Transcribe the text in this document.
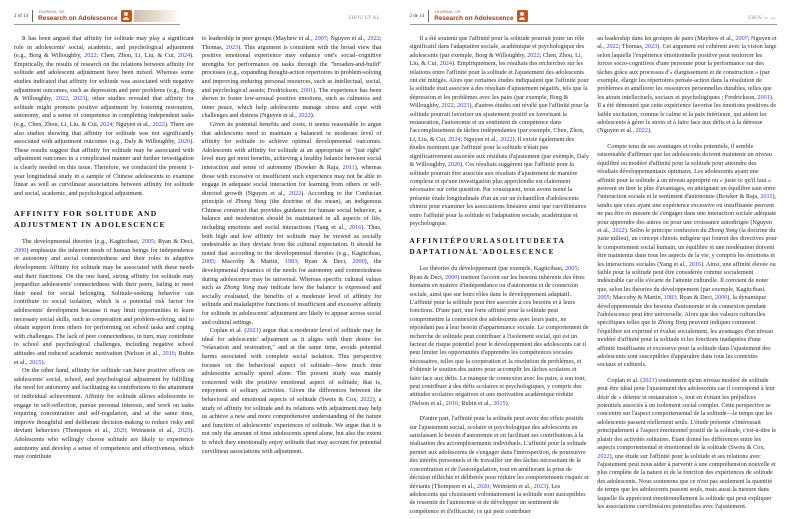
2 of 14
JOURNAL OF
Research on Adolescence	ZHOU ET AL.

It has been argued that affinity for solitude may play a significant role in adolescents' social, academic, and psychological adjustment (e.g., Borg & Willoughby, 2022; Chen, Zhou, Li, Liu, & Cui, 2024). Empirically, the results of research on the relations between affinity for solitude and adolescent adjustment have been mixed. Whereas some studies indicated that affinity for solitude was associated with negative adjustment outcomes, such as depression and peer problems (e.g., Borg & Willoughby, 2022, 2023), other studies revealed that affinity for solitude might promote positive adjustment by fostering restoration, autonomy, and a sense of competence in completing independent tasks (e.g., Chen, Zhou, Li, Liu, & Cui, 2024; Nguyen et al., 2022). There are also studies showing that affinity for solitude was not significantly associated with adjustment outcomes (e.g., Daly & Willoughby, 2020). These results suggest that affinity for solitude may be associated with adjustment outcomes in a complicated manner and further investigation is clearly needed on this issue. Therefore, we conducted the present 1-year longitudinal study in a sample of Chinese adolescents to examine linear as well as curvilinear associations between affinity for solitude and social, academic, and psychological adjustment.

AFFINITY FOR SOLITUDE AND ADJUSTMENT IN ADOLESCENCE

The developmental theories (e.g., Kagitcibasi, 2005; Ryan & Deci, 2000) emphasize the inherent needs of human beings for independence or autonomy and social connectedness and their roles in adaptive development. Affinity for solitude may be associated with these needs and their functions. On the one hand, strong affinity for solitude may jeopardize adolescents' connectedness with their peers, failing to meet their need for social belonging. Solitude-seeking behavior can contribute to social isolation, which is a potential risk factor for adolescents' development because it may limit opportunities to learn necessary social skills, such as cooperation and problem-solving, and to obtain support from others for performing on school tasks and coping with challenges. The lack of peer connectedness, in turn, may contribute to school and psychological challenges, including negative school attitudes and reduced academic motivation (Nelson et al., 2016; Rubin et al., 2015).

On the other hand, affinity for solitude can have positive effects on adolescents' social, school, and psychological adjustment by fulfilling the need for autonomy and facilitating its contributions to the attainment of individual achievement. Affinity for solitude allows adolescents to engage in self-reflection, pursue personal interests, and work on tasks requiring concentration and self-regulation, and at the same time, improve thoughtful and deliberate decision-making to reduce risky and deviant behaviors (Thompson et al., 2020; Weinstein et al., 2023). Adolescents who willingly choose solitude are likely to experience autonomy and develop a sense of competence and effectiveness, which may contribute

to leadership in peer groups (Mayhew et al., 2007; Nguyen et al., 2022; Thomas, 2023). This argument is consistent with the broad view that positive emotional experience may enhance one's social–cognitive strengths for performance on tasks through the "broaden-and-build" processes (e.g., expanding thought-action repertoires in problem-solving and improving enduring personal resources, such as intellectual, social, and psychological assets; Fredrickson, 2001). The experience has been shown to foster low-arousal positive emotions, such as calmness and inner peace, which help adolescents manage stress and cope with challenges and distress (Nguyen et al., 2022).

Given its potential benefits and costs, it seems reasonable to argue that adolescents need to maintain a balanced or moderate level of affinity for solitude to achieve optimal developmental outcomes. Adolescents with affinity for solitude at an appropriate or "just right" level may get most benefits, achieving a healthy balance between social interaction and sense of autonomy (Bowker & Raja, 2011), whereas those with excessive or insufficient such experience may not be able to engage in adequate social interaction for learning from others or self-directed growth (Nguyen et al., 2022). According to the Confucian principle of Zhong Yong (the doctrine of the mean), an indigenous Chinese construct that provides guidance for human social behavior, a balance and moderation should be maintained in all aspects of life, including emotions and social interactions (Yang et al., 2016). Thus, both high and low affinity for solitude may be viewed as socially undesirable as they deviate from the cultural expectation. It should be noted that according to the developmental theories (e.g., Kagitcibasi, 2005; Maccoby & Martin, 1983; Ryan & Deci, 2000), the developmental dynamics of the needs for autonomy and connectedness during adolescence may be universal. Whereas specific cultural values such as Zhong Yong may indicate how the balance is expressed and socially evaluated, the benefits of a moderate level of affinity for solitude and maladaptive functions of insufficient and excessive affinity for solitude in adolescents' adjustment are likely to appear across social and cultural settings.

Coplan et al. (2021) argue that a moderate level of solitude may be ideal for adolescents' adjustment as it aligns with their desire for "relaxation and restoration," and at the same time, avoids potential harms associated with complete social isolation. This perspective focuses on the behavioral aspect of solitude—how much time adolescents actually spend alone. The present study was mainly concerned with the positive emotional aspect of solitude, that is, enjoyment of solitary activities. Given the differences between the behavioral and emotional aspects of solitude (Swets & Cox, 2022), a study of affinity for solitude and its relations with adjustment may help us achieve a new and more comprehensive understanding of the nature and function of adolescents' experiences of solitude. We argue that it is not only the amount of time adolescents spend alone, but also the extent to which they emotionally enjoy solitude that may account for potential curvilinear associations with adjustment.

2 de 14
JOURNAL OF
Research on Adolescence	ZHOU et al.

Il a été soutenu que l'affinité pour la solitude pourrait jouer un rôle significatif dans l'adaptation sociale, académique et psychologique des adolescents (par exemple, Borg & Willoughby, 2022; Chen, Zhou, Li, Liu, & Cui, 2024). Empiriquement, les résultats des recherches sur les relations entre l'affinité pour la solitude et l'ajustement des adolescents ont été mitigés. Alors que certaines études indiquaient que l'affinité pour la solitude était associée à des résultats d'ajustement négatifs, tels que la dépression et les problèmes avec les pairs (par exemple, Borg & Willoughby, 2022, 2023), d'autres études ont révélé que l'affinité pour la solitude pourrait favoriser un ajustement positif en favorisant la restauration, l'autonomie et un sentiment de compétence dans l'accomplissement de tâches indépendantes (par exemple, Chen, Zhou, Li, Liu, & Cui, 2024; Nguyen et al., 2022). Il existe également des études montrant que l'affinité pour la solitude n'était pas significativement associée aux résultats d'ajustement (par exemple, Daly & Willoughby, 2020). Ces résultats suggèrent que l'affinité pour la solitude pourrait être associée aux résultats d'ajustement de manière complexe et qu'une investigation plus approfondie est clairement nécessaire sur cette question. Par conséquent, nous avons mené la présente étude longitudinale d'un an sur un échantillon d'adolescents chinois pour examiner les associations linéaires ainsi que curvilinéaires entre l'affinité pour la solitude et l'adaptation sociale, académique et psychologique.

AFFINITÉPOURLASOLITUDEETA
DAPTATIONÀL'ADOLESCENCE

Les théories du développement (par exemple, Kagitcibasi, 2005; Ryan & Deci, 2000) mettent l'accent sur les besoins inhérents des êtres humains en matière d'indépendance ou d'autonomie et de connexion sociale, ainsi que sur leurs rôles dans le développement adaptatif. L'affinité pour la solitude peut être associée à ces besoins et à leurs fonctions. D'une part, une forte affinité pour la solitude peut compromettre la connexion des adolescents avec leurs pairs, ne répondant pas à leur besoin d'appartenance sociale. Le comportement de recherche de solitude peut contribuer à l'isolement social, qui est un facteur de risque potentiel pour le développement des adolescents car il peut limiter les opportunités d'apprendre les compétences sociales nécessaires, telles que la coopération et la résolution de problèmes, et d'obtenir le soutien des autres pour accomplir les tâches scolaires et faire face aux défis. Le manque de connexion avec les pairs, à son tour, peut contribuer à des défis scolaires et psychologiques, y compris des attitudes scolaires négatives et une motivation académique réduite (Nelson et al., 2016; Rubin et al., 2015).

D'autre part, l'affinité pour la solitude peut avoir des effets positifs sur l'ajustement social, scolaire et psychologique des adolescents en satisfaisant le besoin d'autonomie et en facilitant ses contributions à la réalisation des accomplissements individuels. L'affinité pour la solitude permet aux adolescents de s'engager dans l'introspection, de poursuivre des intérêts personnels et de travailler sur des tâches nécessitant de la concentration et de l'autorégulation, tout en améliorant la prise de décision réfléchie et délibérée pour réduire les comportements risqués et déviants (Thompson et al., 2020; Weinstein et al., 2023). Les adolescents qui choisissent volontairement la solitude sont susceptibles de ressentir de l'autonomie et de développer un sentiment de compétence et d'efficacité, ce qui peut contribuer

au leadership dans les groupes de pairs (Mayhew et al., 2007; Nguyen et al., 2022; Thomas, 2023). Cet argument est cohérent avec la vision large selon laquelle l'expérience émotionnelle positive peut renforcer les forces socio-cognitives d'une personne pour la performance sur des tâches grâce aux processus d'« élargissement et de construction » (par exemple, élargir les répertoires pensée-action dans la résolution de problèmes et améliorer les ressources personnelles durables, telles que les atouts intellectuels, sociaux et psychologiques ; Fredrickson, 2001). Il a été démontré que cette expérience favorise les émotions positives de faible excitation, comme le calme et la paix intérieure, qui aident les adolescents à gérer le stress et à faire face aux défis et à la détresse (Nguyen et al., 2022).

Compte tenu de ses avantages et coûts potentiels, il semble raisonnable d'affirmer que les adolescents doivent maintenir un niveau équilibré ou modéré d'affinité pour la solitude pour atteindre des résultats développementaux optimaux. Les adolescents ayant une affinité pour la solitude à un niveau approprié ou « juste ce qu'il faut » peuvent en tirer le plus d'avantages, en atteignant un équilibre sain entre l'interaction sociale et le sentiment d'autonomie (Bowker & Raja, 2011), tandis que ceux ayant une expérience excessive ou insuffisante peuvent ne pas être en mesure de s'engager dans une interaction sociale adéquate pour apprendre des autres ou pour une croissance autodirigée (Nguyen et al., 2022). Selon le principe confucéen du Zhong Yong (la doctrine du juste milieu), un concept chinois indigène qui fournit des directives pour le comportement social humain, un équilibre et une modération doivent être maintenus dans tous les aspects de la vie, y compris les émotions et les interactions sociales (Yang et al., 2016). Ainsi, une affinité élevée ou faible pour la solitude peut être considérée comme socialement indésirable car elle s'écarte de l'attente culturelle. Il convient de noter que, selon les théories du développement (par exemple, Kagitcibasi, 2005; Maccoby & Martin, 1983; Ryan & Deci, 2000), la dynamique développementale des besoins d'autonomie et de connexion pendant l'adolescence peut être universelle. Alors que des valeurs culturelles spécifiques telles que le Zhong Yong peuvent indiquer comment l'équilibre est exprimé et évalué socialement, les avantages d'un niveau modéré d'affinité pour la solitude et les fonctions inadaptées d'une affinité insuffisante et excessive pour la solitude dans l'ajustement des adolescents sont susceptibles d'apparaître dans tous les contextes sociaux et culturels.

Coplan et al. (2021) soutiennent qu'un niveau modéré de solitude peut être idéal pour l'ajustement des adolescents car il correspond à leur désir de « détente et restauration », tout en évitant les préjudices potentiels associés à un isolement social complet. Cette perspective se concentre sur l'aspect comportemental de la solitude—le temps que les adolescents passent réellement seuls. L'étude présente s'intéressait principalement à l'aspect émotionnel positif de la solitude, c'est-à-dire le plaisir des activités solitaires. Étant donné les différences entre les aspects comportemental et émotionnel de la solitude (Swets & Cox, 2022), une étude sur l'affinité pour la solitude et ses relations avec l'ajustement peut nous aider à parvenir à une compréhension nouvelle et plus complète de la nature et de la fonction des expériences de solitude des adolescents. Nous soutenons que ce n'est pas seulement la quantité de temps que les adolescents passent seuls, mais aussi la mesure dans laquelle ils apprécient émotionnellement la solitude qui peut expliquer les associations curvilinéaires potentielles avec l'ajustement.
